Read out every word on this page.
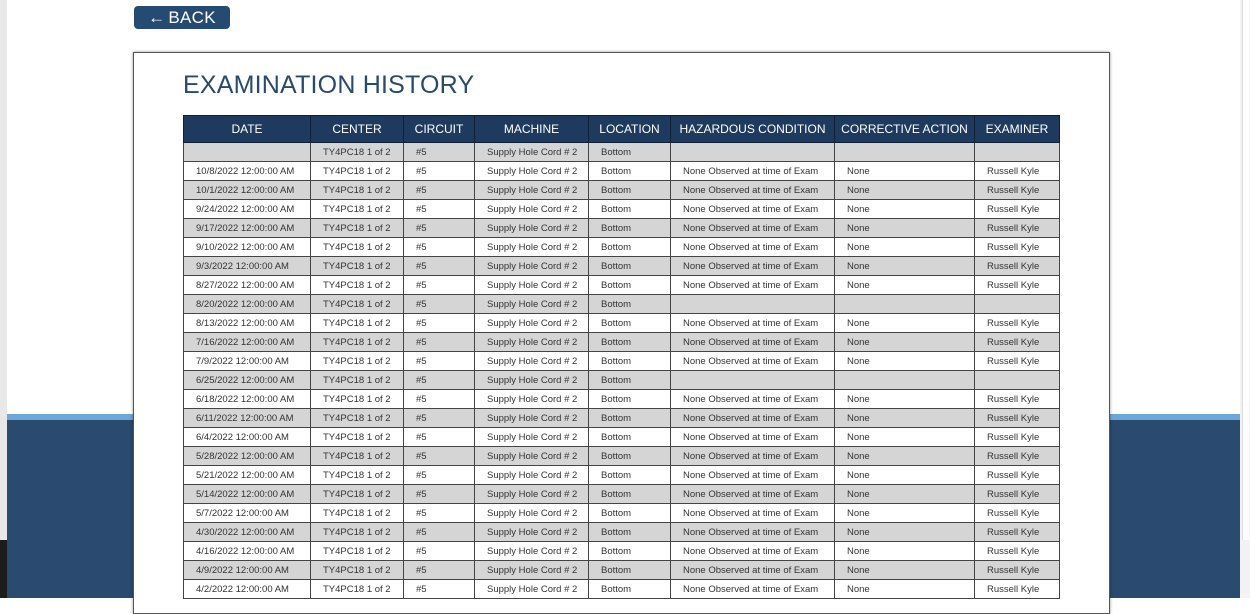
← BACK
EXAMINATION HISTORY
DATE	CENTER	CIRCUIT	MACHINE	LOCATION	HAZARDOUS CONDITION	CORRECTIVE ACTION	EXAMINER
	TY4PC18 1 of 2	#5	Supply Hole Cord # 2	Bottom			
10/8/2022 12:00:00 AM	TY4PC18 1 of 2	#5	Supply Hole Cord # 2	Bottom	None Observed at time of Exam	None	Russell Kyle
10/1/2022 12:00:00 AM	TY4PC18 1 of 2	#5	Supply Hole Cord # 2	Bottom	None Observed at time of Exam	None	Russell Kyle
9/24/2022 12:00:00 AM	TY4PC18 1 of 2	#5	Supply Hole Cord # 2	Bottom	None Observed at time of Exam	None	Russell Kyle
9/17/2022 12:00:00 AM	TY4PC18 1 of 2	#5	Supply Hole Cord # 2	Bottom	None Observed at time of Exam	None	Russell Kyle
9/10/2022 12:00:00 AM	TY4PC18 1 of 2	#5	Supply Hole Cord # 2	Bottom	None Observed at time of Exam	None	Russell Kyle
9/3/2022 12:00:00 AM	TY4PC18 1 of 2	#5	Supply Hole Cord # 2	Bottom	None Observed at time of Exam	None	Russell Kyle
8/27/2022 12:00:00 AM	TY4PC18 1 of 2	#5	Supply Hole Cord # 2	Bottom	None Observed at time of Exam	None	Russell Kyle
8/20/2022 12:00:00 AM	TY4PC18 1 of 2	#5	Supply Hole Cord # 2	Bottom			
8/13/2022 12:00:00 AM	TY4PC18 1 of 2	#5	Supply Hole Cord # 2	Bottom	None Observed at time of Exam	None	Russell Kyle
7/16/2022 12:00:00 AM	TY4PC18 1 of 2	#5	Supply Hole Cord # 2	Bottom	None Observed at time of Exam	None	Russell Kyle
7/9/2022 12:00:00 AM	TY4PC18 1 of 2	#5	Supply Hole Cord # 2	Bottom	None Observed at time of Exam	None	Russell Kyle
6/25/2022 12:00:00 AM	TY4PC18 1 of 2	#5	Supply Hole Cord # 2	Bottom			
6/18/2022 12:00:00 AM	TY4PC18 1 of 2	#5	Supply Hole Cord # 2	Bottom	None Observed at time of Exam	None	Russell Kyle
6/11/2022 12:00:00 AM	TY4PC18 1 of 2	#5	Supply Hole Cord # 2	Bottom	None Observed at time of Exam	None	Russell Kyle
6/4/2022 12:00:00 AM	TY4PC18 1 of 2	#5	Supply Hole Cord # 2	Bottom	None Observed at time of Exam	None	Russell Kyle
5/28/2022 12:00:00 AM	TY4PC18 1 of 2	#5	Supply Hole Cord # 2	Bottom	None Observed at time of Exam	None	Russell Kyle
5/21/2022 12:00:00 AM	TY4PC18 1 of 2	#5	Supply Hole Cord # 2	Bottom	None Observed at time of Exam	None	Russell Kyle
5/14/2022 12:00:00 AM	TY4PC18 1 of 2	#5	Supply Hole Cord # 2	Bottom	None Observed at time of Exam	None	Russell Kyle
5/7/2022 12:00:00 AM	TY4PC18 1 of 2	#5	Supply Hole Cord # 2	Bottom	None Observed at time of Exam	None	Russell Kyle
4/30/2022 12:00:00 AM	TY4PC18 1 of 2	#5	Supply Hole Cord # 2	Bottom	None Observed at time of Exam	None	Russell Kyle
4/16/2022 12:00:00 AM	TY4PC18 1 of 2	#5	Supply Hole Cord # 2	Bottom	None Observed at time of Exam	None	Russell Kyle
4/9/2022 12:00:00 AM	TY4PC18 1 of 2	#5	Supply Hole Cord # 2	Bottom	None Observed at time of Exam	None	Russell Kyle
4/2/2022 12:00:00 AM	TY4PC18 1 of 2	#5	Supply Hole Cord # 2	Bottom	None Observed at time of Exam	None	Russell Kyle
